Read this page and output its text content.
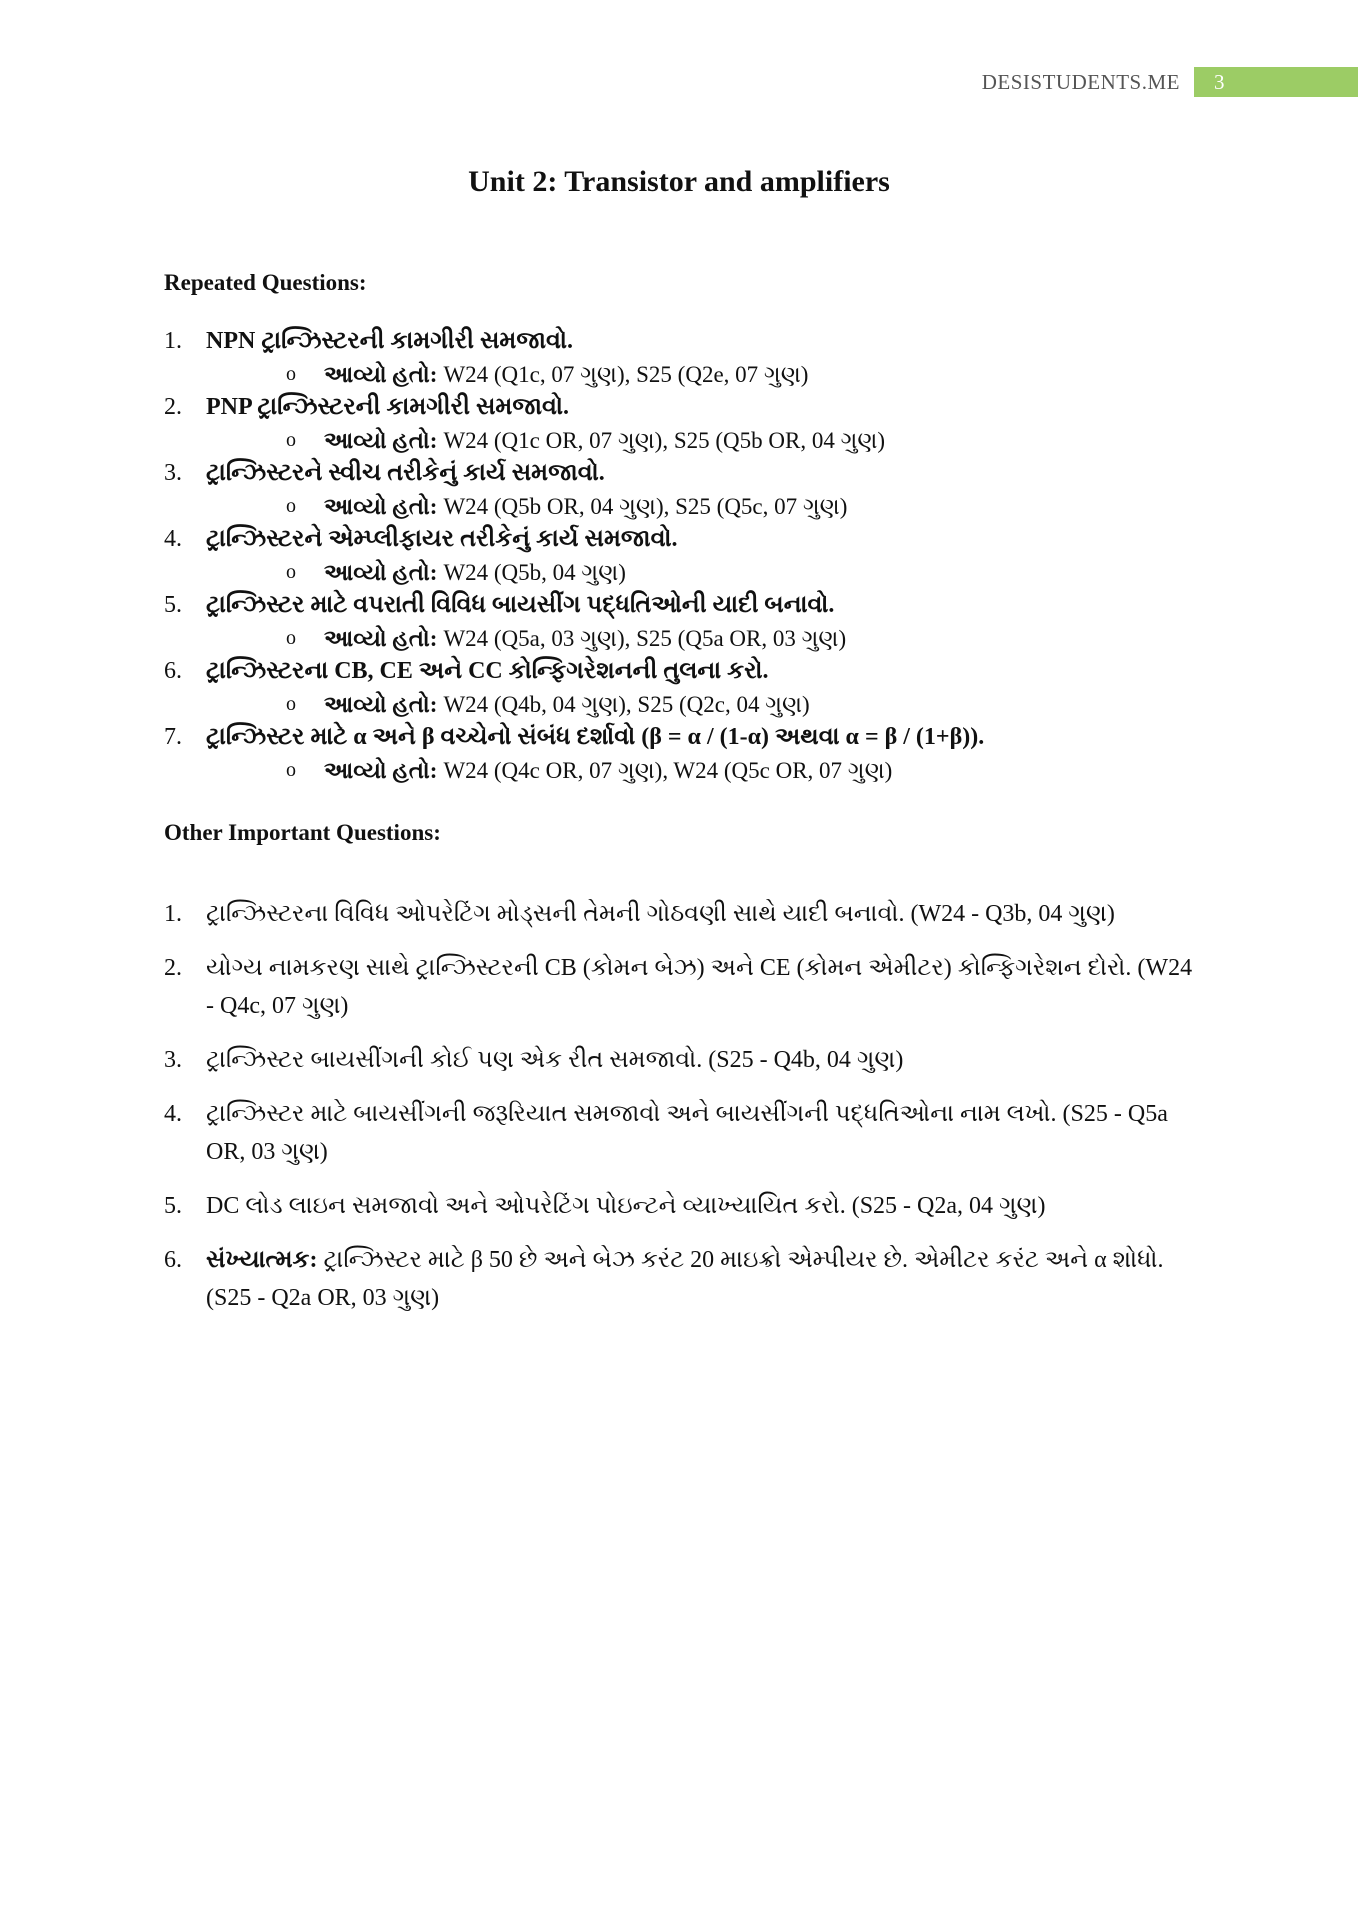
DESISTUDENTS.ME	3
Unit 2: Transistor and amplifiers
Repeated Questions:
1.	NPN ટ્રાન્ઝિસ્ટરની કામગીરી સમજાવો.
o	આવ્યો હતો: W24 (Q1c, 07 ગુણ), S25 (Q2e, 07 ગુણ)
2.	PNP ટ્રાન્ઝિસ્ટરની કામગીરી સમજાવો.
o	આવ્યો હતો: W24 (Q1c OR, 07 ગુણ), S25 (Q5b OR, 04 ગુણ)
3.	ટ્રાન્ઝિસ્ટરને સ્વીચ તરીકેનું કાર્ય સમજાવો.
o	આવ્યો હતો: W24 (Q5b OR, 04 ગુણ), S25 (Q5c, 07 ગુણ)
4.	ટ્રાન્ઝિસ્ટરને એમ્પ્લીફાયર તરીકેનું કાર્ય સમજાવો.
o	આવ્યો હતો: W24 (Q5b, 04 ગુણ)
5.	ટ્રાન્ઝિસ્ટર માટે વપરાતી વિવિધ બાયસીંગ પદ્ધતિઓની યાદી બનાવો.
o	આવ્યો હતો: W24 (Q5a, 03 ગુણ), S25 (Q5a OR, 03 ગુણ)
6.	ટ્રાન્ઝિસ્ટરના CB, CE અને CC કોન્ફિગરેશનની તુલના કરો.
o	આવ્યો હતો: W24 (Q4b, 04 ગુણ), S25 (Q2c, 04 ગુણ)
7.	ટ્રાન્ઝિસ્ટર માટે α અને β વચ્ચેનો સંબંધ દર્શાવો (β = α / (1-α) અથવા α = β / (1+β)).
o	આવ્યો હતો: W24 (Q4c OR, 07 ગુણ), W24 (Q5c OR, 07 ગુણ)
Other Important Questions:
1.	ટ્રાન્ઝિસ્ટરના વિવિધ ઓપરેટિંગ મોડ્સની તેમની ગોઠવણી સાથે યાદી બનાવો. (W24 - Q3b, 04 ગુણ)
2.	યોગ્ય નામકરણ સાથે ટ્રાન્ઝિસ્ટરની CB (કોમન બેઝ) અને CE (કોમન એમીટર) કોન્ફિગરેશન દોરો. (W24 - Q4c, 07 ગુણ)
3.	ટ્રાન્ઝિસ્ટર બાયસીંગની કોઈ પણ એક રીત સમજાવો. (S25 - Q4b, 04 ગુણ)
4.	ટ્રાન્ઝિસ્ટર માટે બાયસીંગની જરૂરિયાત સમજાવો અને બાયસીંગની પદ્ધતિઓના નામ લખો. (S25 - Q5a OR, 03 ગુણ)
5.	DC લોડ લાઇન સમજાવો અને ઓપરેટિંગ પોઇન્ટને વ્યાખ્યાયિત કરો. (S25 - Q2a, 04 ગુણ)
6.	સંખ્યાત્મક: ટ્રાન્ઝિસ્ટર માટે β 50 છે અને બેઝ કરંટ 20 માઇક્રો એમ્પીયર છે. એમીટર કરંટ અને α શોધો. (S25 - Q2a OR, 03 ગુણ)
